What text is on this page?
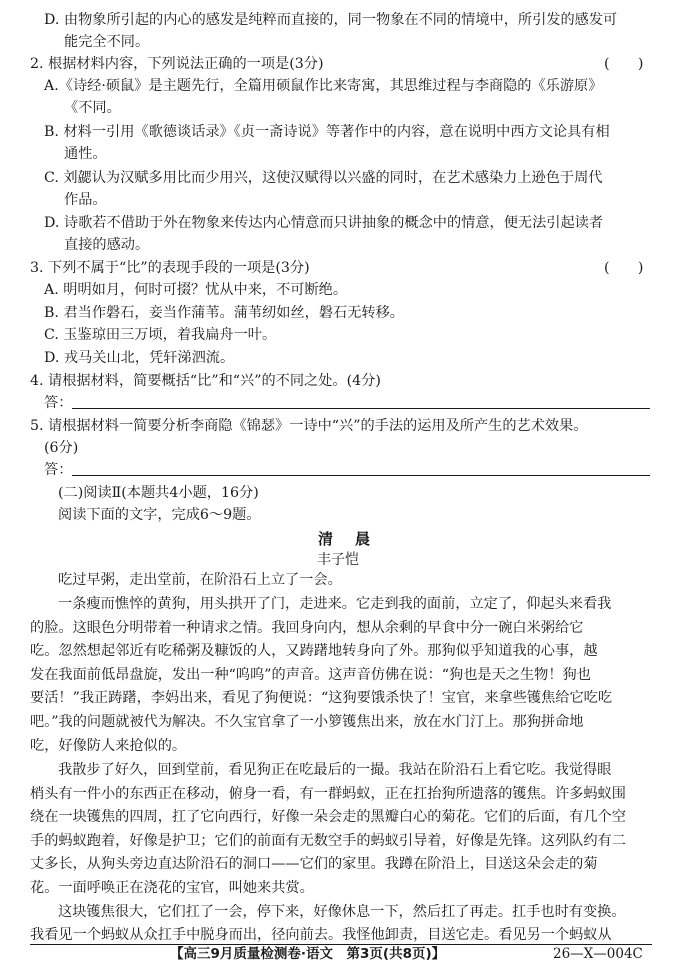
D. 由物象所引起的内心的感发是纯粹而直接的，同一物象在不同的情境中，所引发的感发可
能完全不同。
2. 根据材料内容，下列说法正确的一项是(3分)	(　　)
A.《诗经·硕鼠》是主题先行，全篇用硕鼠作比来寄寓，其思维过程与李商隐的《乐游原》
《不同。
B. 材料一引用《歌德谈话录》《贞一斋诗说》等著作中的内容，意在说明中西方文论具有相
通性。
C. 刘勰认为汉赋多用比而少用兴，这使汉赋得以兴盛的同时，在艺术感染力上逊色于周代
作品。
D. 诗歌若不借助于外在物象来传达内心情意而只讲抽象的概念中的情意，便无法引起读者
直接的感动。
3. 下列不属于“比”的表现手段的一项是(3分)	(　　)
A. 明明如月，何时可掇？忧从中来，不可断绝。
B. 君当作磐石，妾当作蒲苇。蒲苇纫如丝，磐石无转移。
C. 玉鉴琼田三万顷，着我扁舟一叶。
D. 戎马关山北，凭轩涕泗流。
4. 请根据材料，简要概括“比”和“兴”的不同之处。(4分)
答：
5. 请根据材料一简要分析李商隐《锦瑟》一诗中“兴”的手法的运用及所产生的艺术效果。
(6分)
答：
(二)阅读Ⅱ(本题共4小题，16分)
阅读下面的文字，完成6～9题。
清晨
丰子恺
吃过早粥，走出堂前，在阶沿石上立了一会。
一条瘦而憔悴的黄狗，用头拱开了门，走进来。它走到我的面前，立定了，仰起头来看我
的脸。这眼色分明带着一种请求之情。我回身向内，想从余剩的早食中分一碗白米粥给它
吃。忽然想起邻近有吃稀粥及糠饭的人，又踌躇地转身向了外。那狗似乎知道我的心事，越
发在我面前低昂盘旋，发出一种“呜呜”的声音。这声音仿佛在说：“狗也是天之生物！狗也
要活！”我正踌躇，李妈出来，看见了狗便说：“这狗要饿杀快了！宝官，来拿些镬焦给它吃吃
吧。”我的问题就被代为解决。不久宝官拿了一小箩镬焦出来，放在水门汀上。那狗拼命地
吃，好像防人来抢似的。
我散步了好久，回到堂前，看见狗正在吃最后的一撮。我站在阶沿石上看它吃。我觉得眼
梢头有一件小的东西正在移动，俯身一看，有一群蚂蚁，正在扛抬狗所遗落的镬焦。许多蚂蚁围
绕在一块镬焦的四周，扛了它向西行，好像一朵会走的黑瓣白心的菊花。它们的后面，有几个空
手的蚂蚁跑着，好像是护卫；它们的前面有无数空手的蚂蚁引导着，好像是先锋。这列队约有二
丈多长，从狗头旁边直达阶沿石的洞口——它们的家里。我蹲在阶沿上，目送这朵会走的菊
花。一面呼唤正在浇花的宝官，叫她来共赏。
这块镬焦很大，它们扛了一会，停下来，好像休息一下，然后扛了再走。扛手也时有变换。
我看见一个蚂蚁从众扛手中脱身而出，径向前去。我怪他卸责，目送它走。看见另一个蚂蚁从
【高三9月质量检测卷·语文　第3页(共8页)】	26—X—004C
